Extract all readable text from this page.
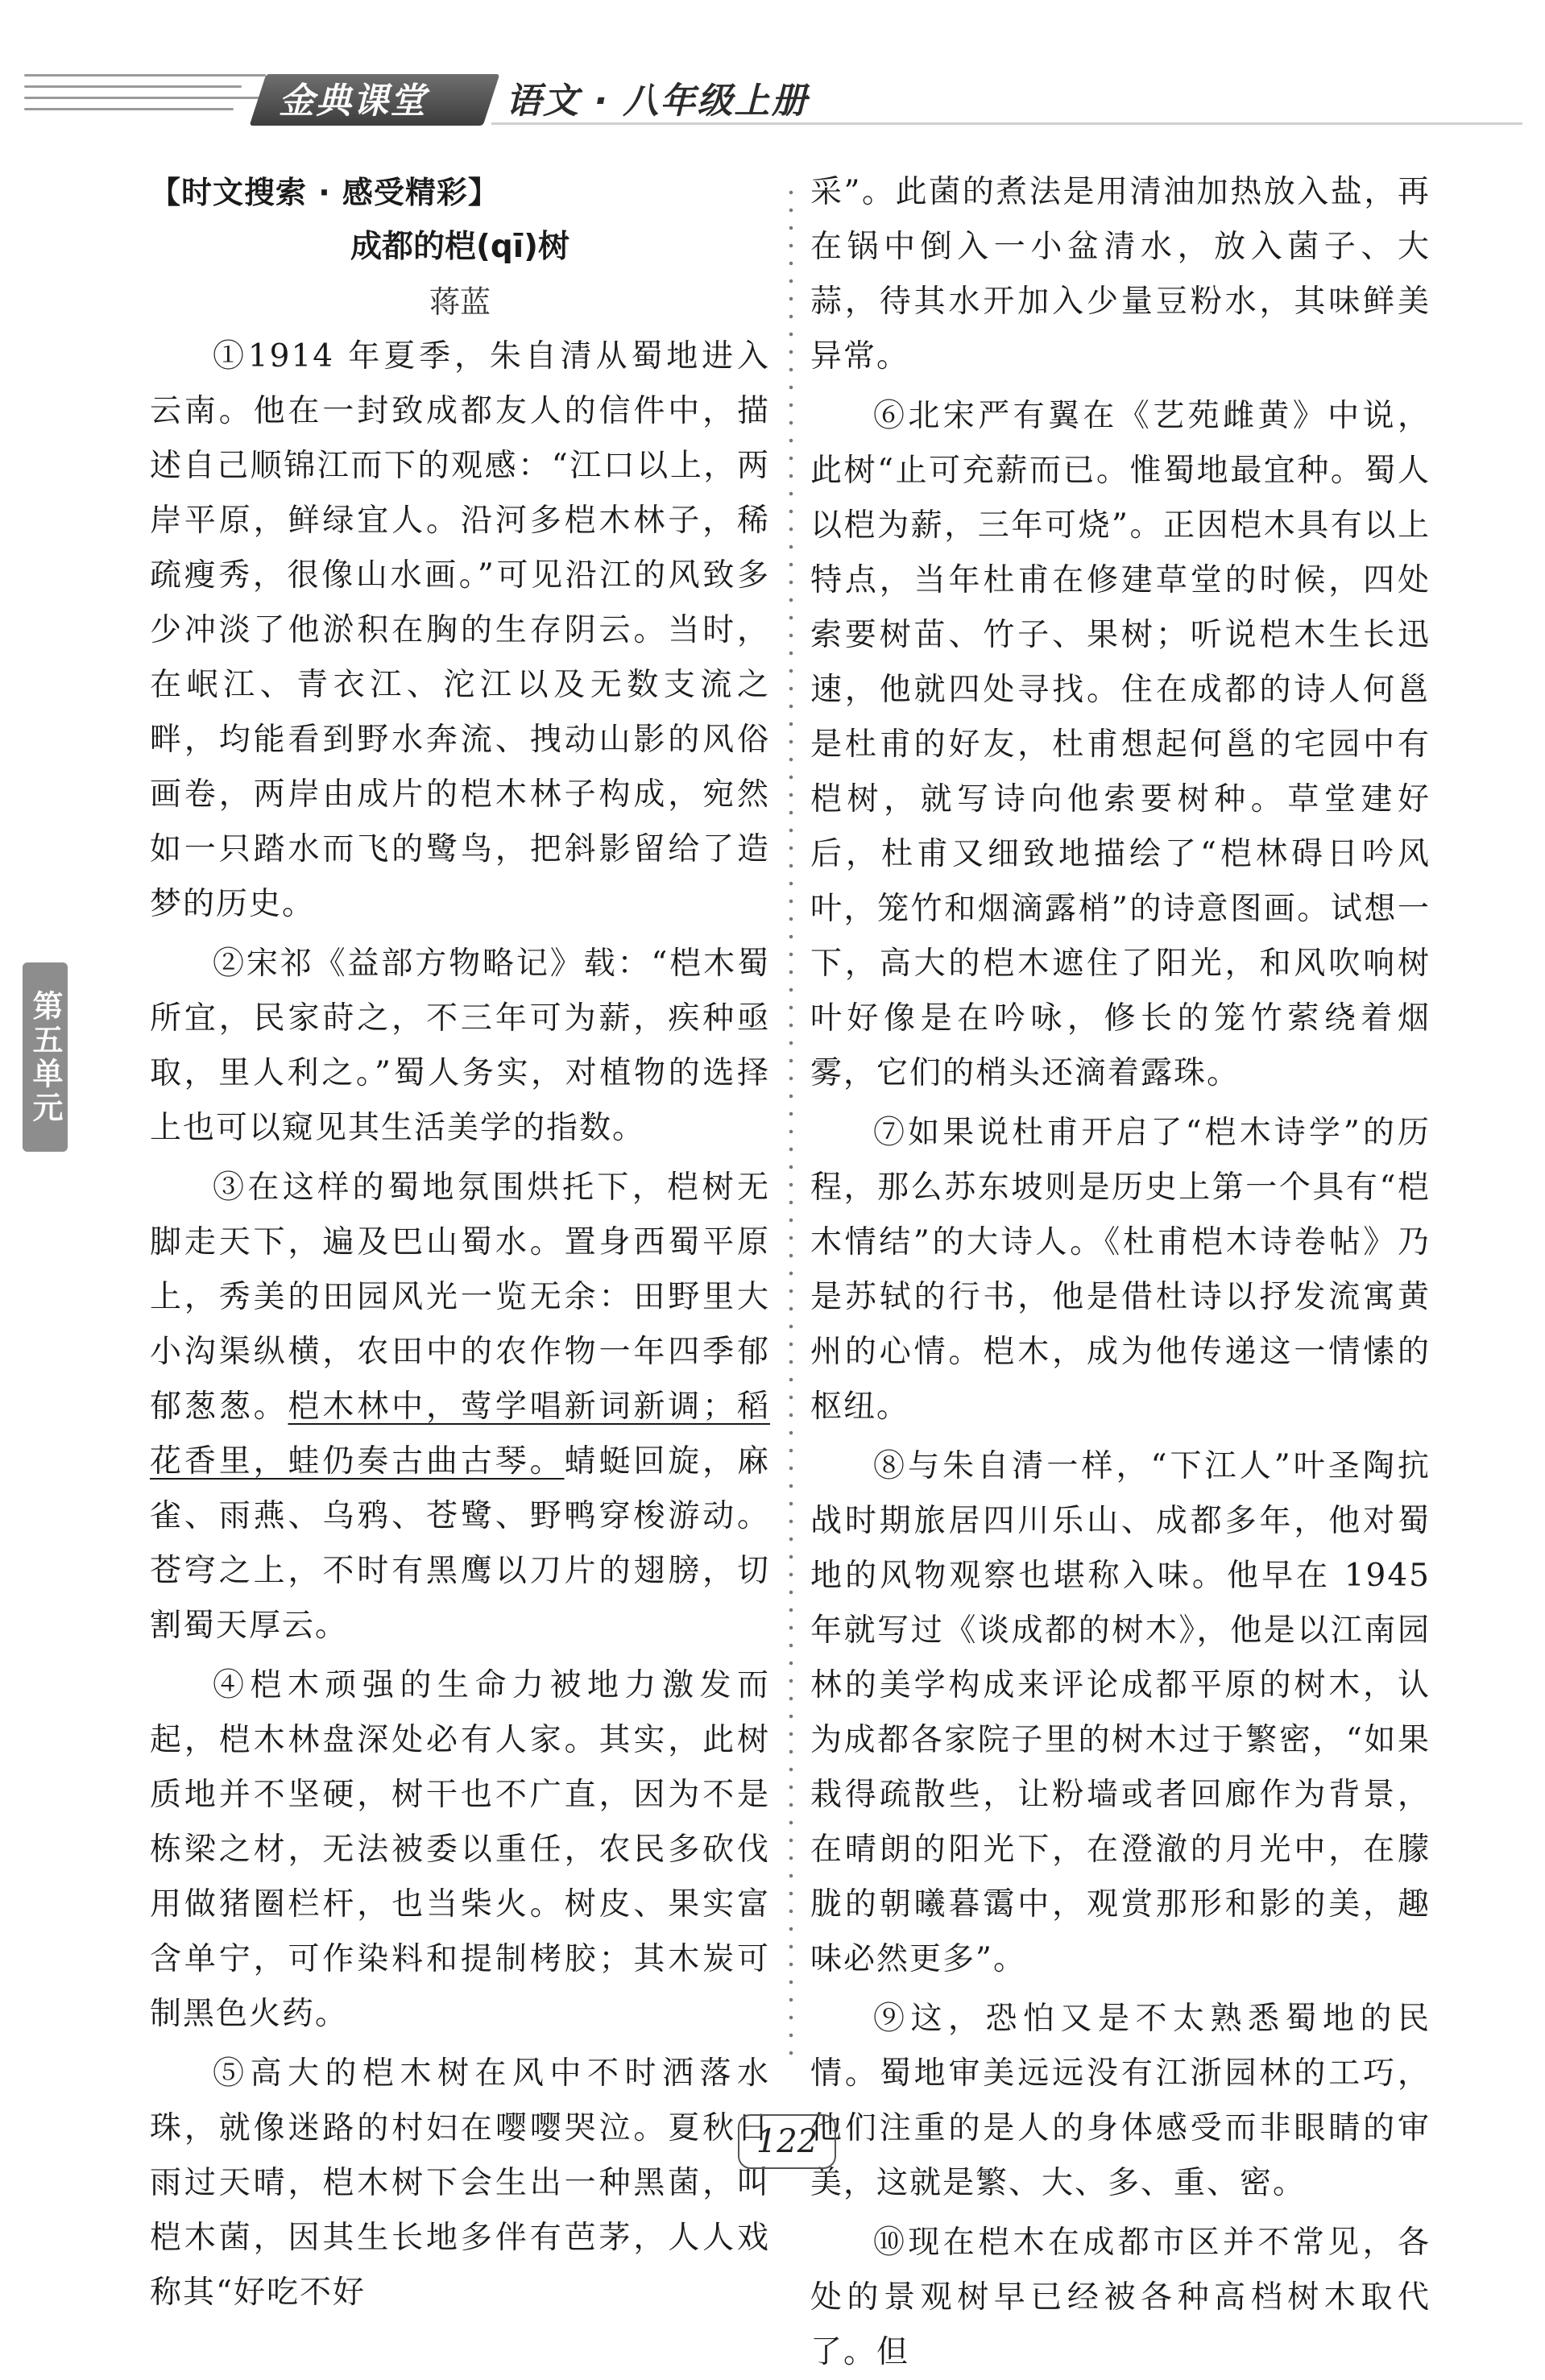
金典课堂	语文 · 八年级上册
第五单元
【时文搜索 · 感受精彩】
成都的桤(qī)树
蒋蓝

①1914 年夏季，朱自清从蜀地进入云南。他在一封致成都友人的信件中，描述自己顺锦江而下的观感：“江口以上，两岸平原，鲜绿宜人。沿河多桤木林子，稀疏瘦秀，很像山水画。”可见沿江的风致多少冲淡了他淤积在胸的生存阴云。当时，在岷江、青衣江、沱江以及无数支流之畔，均能看到野水奔流、拽动山影的风俗画卷，两岸由成片的桤木林子构成，宛然如一只踏水而飞的鹭鸟，把斜影留给了造梦的历史。

②宋祁《益部方物略记》载：“桤木蜀所宜，民家莳之，不三年可为薪，疾种亟取，里人利之。”蜀人务实，对植物的选择上也可以窥见其生活美学的指数。

③在这样的蜀地氛围烘托下，桤树无脚走天下，遍及巴山蜀水。置身西蜀平原上，秀美的田园风光一览无余：田野里大小沟渠纵横，农田中的农作物一年四季郁郁葱葱。桤木林中，莺学唱新词新调；稻花香里，蛙仍奏古曲古琴。蜻蜓回旋，麻雀、雨燕、乌鸦、苍鹭、野鸭穿梭游动。苍穹之上，不时有黑鹰以刀片的翅膀，切割蜀天厚云。

④桤木顽强的生命力被地力激发而起，桤木林盘深处必有人家。其实，此树质地并不坚硬，树干也不广直，因为不是栋梁之材，无法被委以重任，农民多砍伐用做猪圈栏杆，也当柴火。树皮、果实富含单宁，可作染料和提制栲胶；其木炭可制黑色火药。

⑤高大的桤木树在风中不时洒落水珠，就像迷路的村妇在嘤嘤哭泣。夏秋日雨过天晴，桤木树下会生出一种黑菌，叫桤木菌，因其生长地多伴有芭茅，人人戏称其“好吃不好

采”。此菌的煮法是用清油加热放入盐，再在锅中倒入一小盆清水，放入菌子、大蒜，待其水开加入少量豆粉水，其味鲜美异常。

⑥北宋严有翼在《艺苑雌黄》中说，此树“止可充薪而已。惟蜀地最宜种。蜀人以桤为薪，三年可烧”。正因桤木具有以上特点，当年杜甫在修建草堂的时候，四处索要树苗、竹子、果树；听说桤木生长迅速，他就四处寻找。住在成都的诗人何邕是杜甫的好友，杜甫想起何邕的宅园中有桤树，就写诗向他索要树种。草堂建好后，杜甫又细致地描绘了“桤林碍日吟风叶，笼竹和烟滴露梢”的诗意图画。试想一下，高大的桤木遮住了阳光，和风吹响树叶好像是在吟咏，修长的笼竹萦绕着烟雾，它们的梢头还滴着露珠。

⑦如果说杜甫开启了“桤木诗学”的历程，那么苏东坡则是历史上第一个具有“桤木情结”的大诗人。《杜甫桤木诗卷帖》乃是苏轼的行书，他是借杜诗以抒发流寓黄州的心情。桤木，成为他传递这一情愫的枢纽。

⑧与朱自清一样，“下江人”叶圣陶抗战时期旅居四川乐山、成都多年，他对蜀地的风物观察也堪称入味。他早在 1945 年就写过《谈成都的树木》，他是以江南园林的美学构成来评论成都平原的树木，认为成都各家院子里的树木过于繁密，“如果栽得疏散些，让粉墙或者回廊作为背景，在晴朗的阳光下，在澄澈的月光中，在朦胧的朝曦暮霭中，观赏那形和影的美，趣味必然更多”。

⑨这，恐怕又是不太熟悉蜀地的民情。蜀地审美远远没有江浙园林的工巧，他们注重的是人的身体感受而非眼睛的审美，这就是繁、大、多、重、密。

⑩现在桤木在成都市区并不常见，各处的景观树早已经被各种高档树木取代了。但

122
